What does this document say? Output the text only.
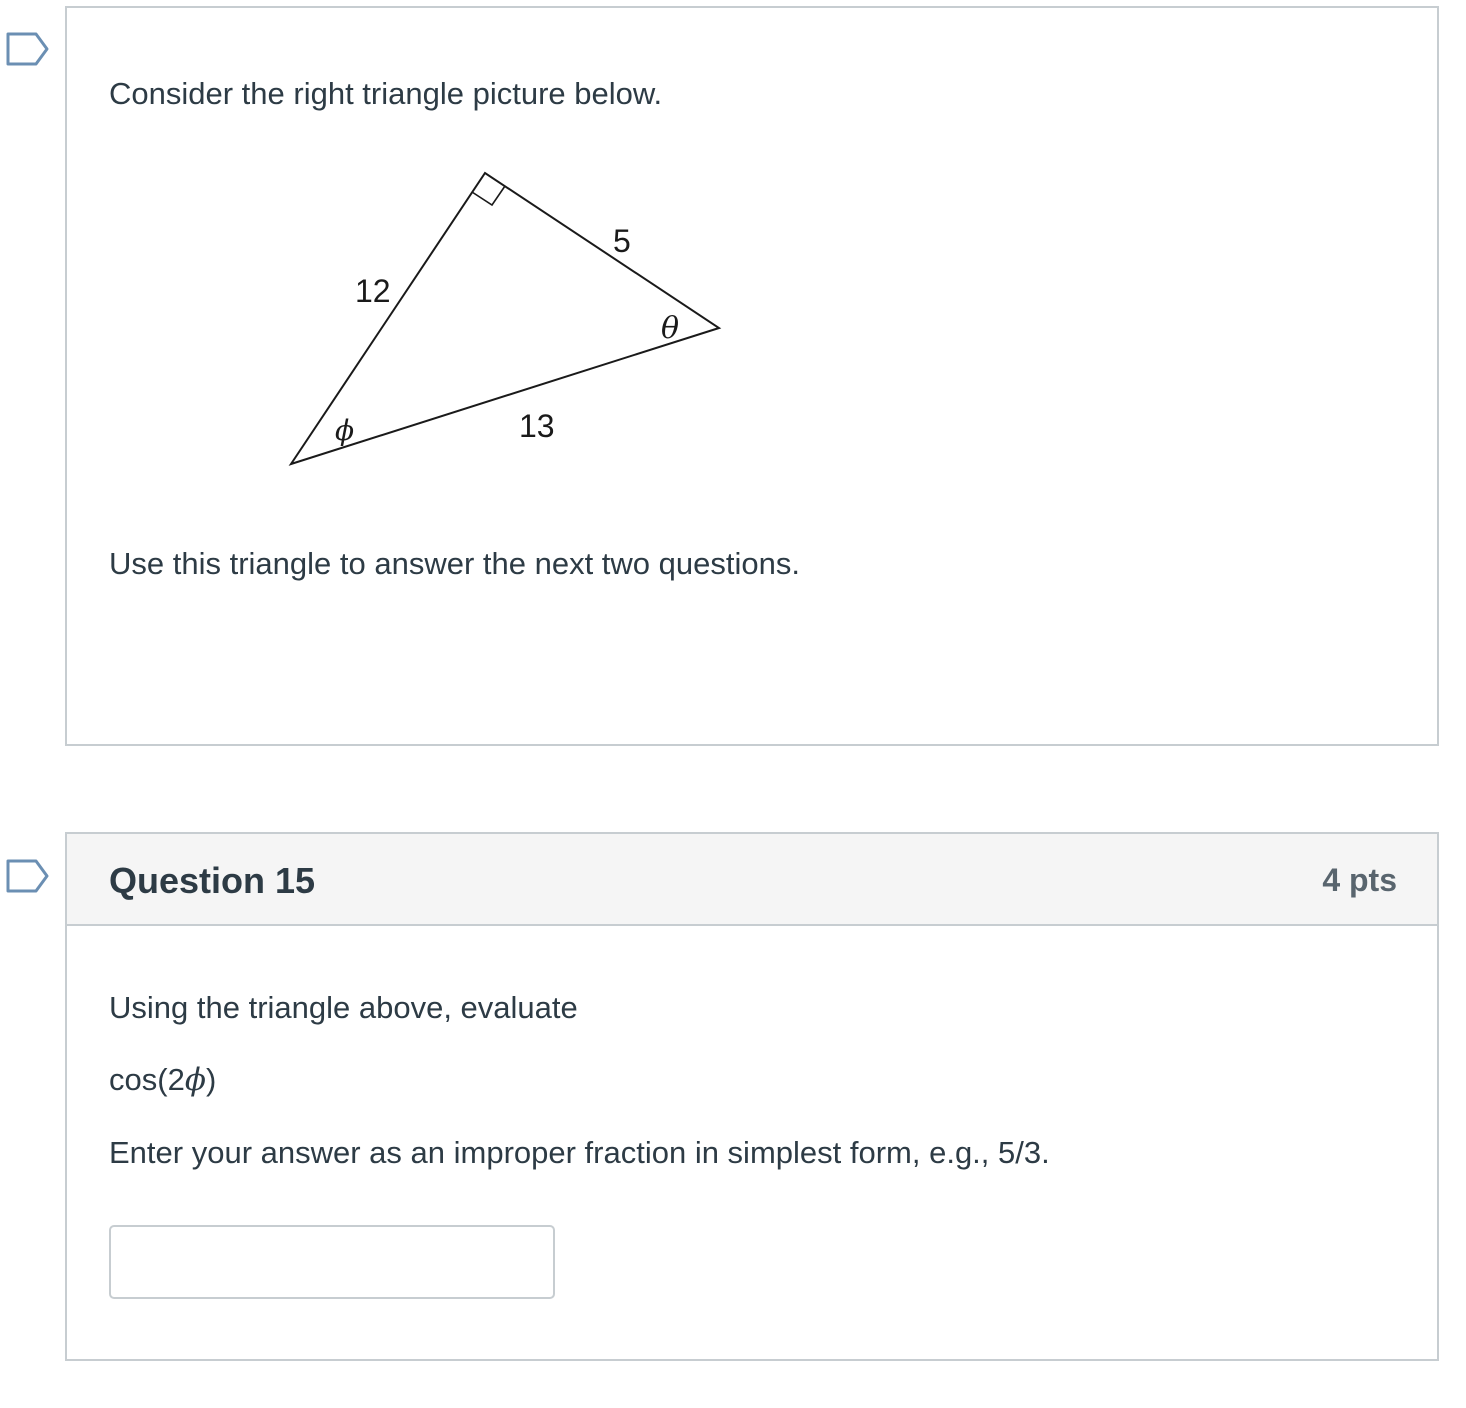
Consider the right triangle picture below.
12
5
13
θ
ϕ
Use this triangle to answer the next two questions.
Question 15	4 pts
Using the triangle above, evaluate
cos(2ϕ)
Enter your answer as an improper fraction in simplest form, e.g., 5/3.
